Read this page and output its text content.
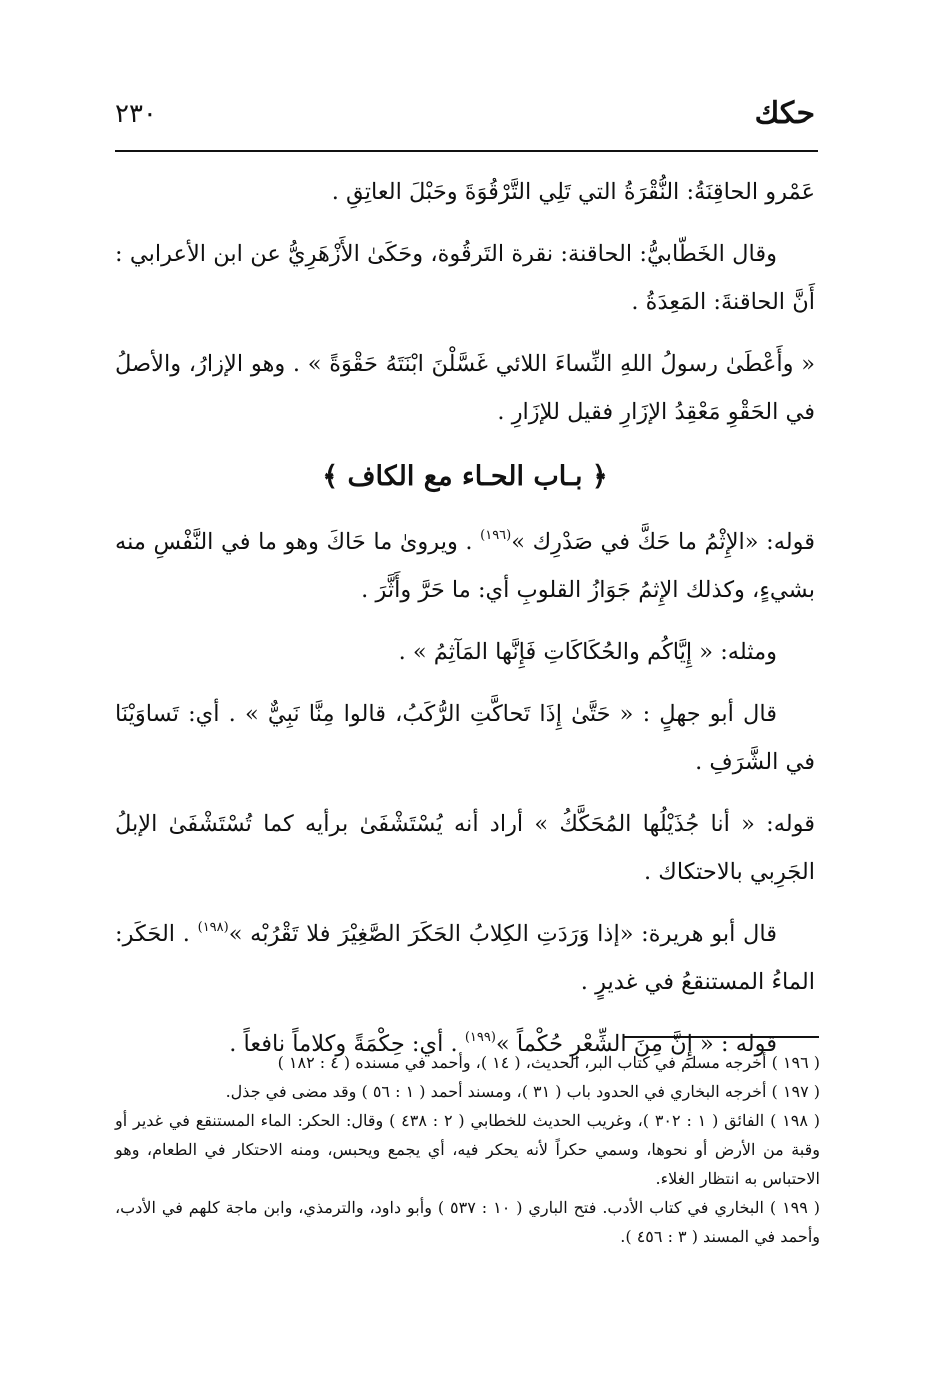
حكك
٢٣٠

عَمْرو الحاقِنَةُ: النُّقْرَةُ التي تَلِي التَّرْقُوَةَ وحَبْلَ العاتِقِ .

وقال الخَطّابيُّ: الحاقنة: نقرة التَرقُوة، وحَكَىٰ الأَزْهَرِيُّ عن ابن الأعرابي : أَنَّ الحاقنةَ: المَعِدَةُ .

« وأَعْطَىٰ رسولُ اللهِ النِّساءَ اللائي غَسَّلْنَ ابْنَتَهُ حَقْوَةً » . وهو الإزارُ، والأصلُ في الحَقْوِ مَعْقِدُ الإزَارِ فقيل للإزَارِ .

﴿ بـاب الحـاء مع الكاف ﴾

قوله: «الإِثْمُ ما حَكَّ في صَدْرِك »$^{(١٩٦)}$ . ويروىٰ ما حَاكَ وهو ما في النَّفْسِ منه بشيءٍ، وكذلك الإِثمُ جَوَازُ القلوبِ أي: ما حَرَّ وأَثَّرَ .

ومثله: « إِيَّاكُم والحُكَاكَاتِ فَإِنَّها المَآثِمُ » .

قال أبو جهلٍ : « حَتَّىٰ إِذَا تَحاكَّتِ الرُّكَبُ، قالوا مِنَّا نَبِيٌّ » . أي: تَساوَيْنَا في الشَّرَفِ .

قوله: « أنا جُذَيْلُها المُحَكَّكُ » أراد أنه يُسْتَشْفَىٰ برأيه كما تُسْتَشْفَىٰ الإبلُ الجَرِبي بالاحتكاك .

قال أبو هريرة: «إذا وَرَدَتِ الكِلابُ الحَكَرَ الصَّغِيْرَ فلا تَقْرُبْه »$^{(١٩٨)}$ . الحَكَر: الماءُ المستنقعُ في غديرٍ .

قوله : « إِنَّ مِنَ الشِّعْرِ حُكْماً »$^{(١٩٩)}$ . أي: حِكْمَةً وكلاماً نافعاً .

( ١٩٦ ) أخرجه مسلم في كتاب البر، الحديث، ( ١٤ )، وأحمد في مسنده ( ٤ : ١٨٢ )

( ١٩٧ ) أخرجه البخاري في الحدود باب ( ٣١ )، ومسند أحمد ( ١ : ٥٦ ) وقد مضى في جذل.

( ١٩٨ ) الفائق ( ١ : ٣٠٢ )، وغريب الحديث للخطابي ( ٢ : ٤٣٨ ) وقال: الحكر: الماء المستنقع في غدير أو وقبة من الأرض أو نحوها، وسمي حكراً لأنه يحكر فيه، أي يجمع ويحبس، ومنه الاحتكار في الطعام، وهو الاحتباس به انتظار الغلاء.

( ١٩٩ ) البخاري في كتاب الأدب. فتح الباري ( ١٠ : ٥٣٧ ) وأبو داود، والترمذي، وابن ماجة كلهم في الأدب، وأحمد في المسند ( ٣ : ٤٥٦ ).
